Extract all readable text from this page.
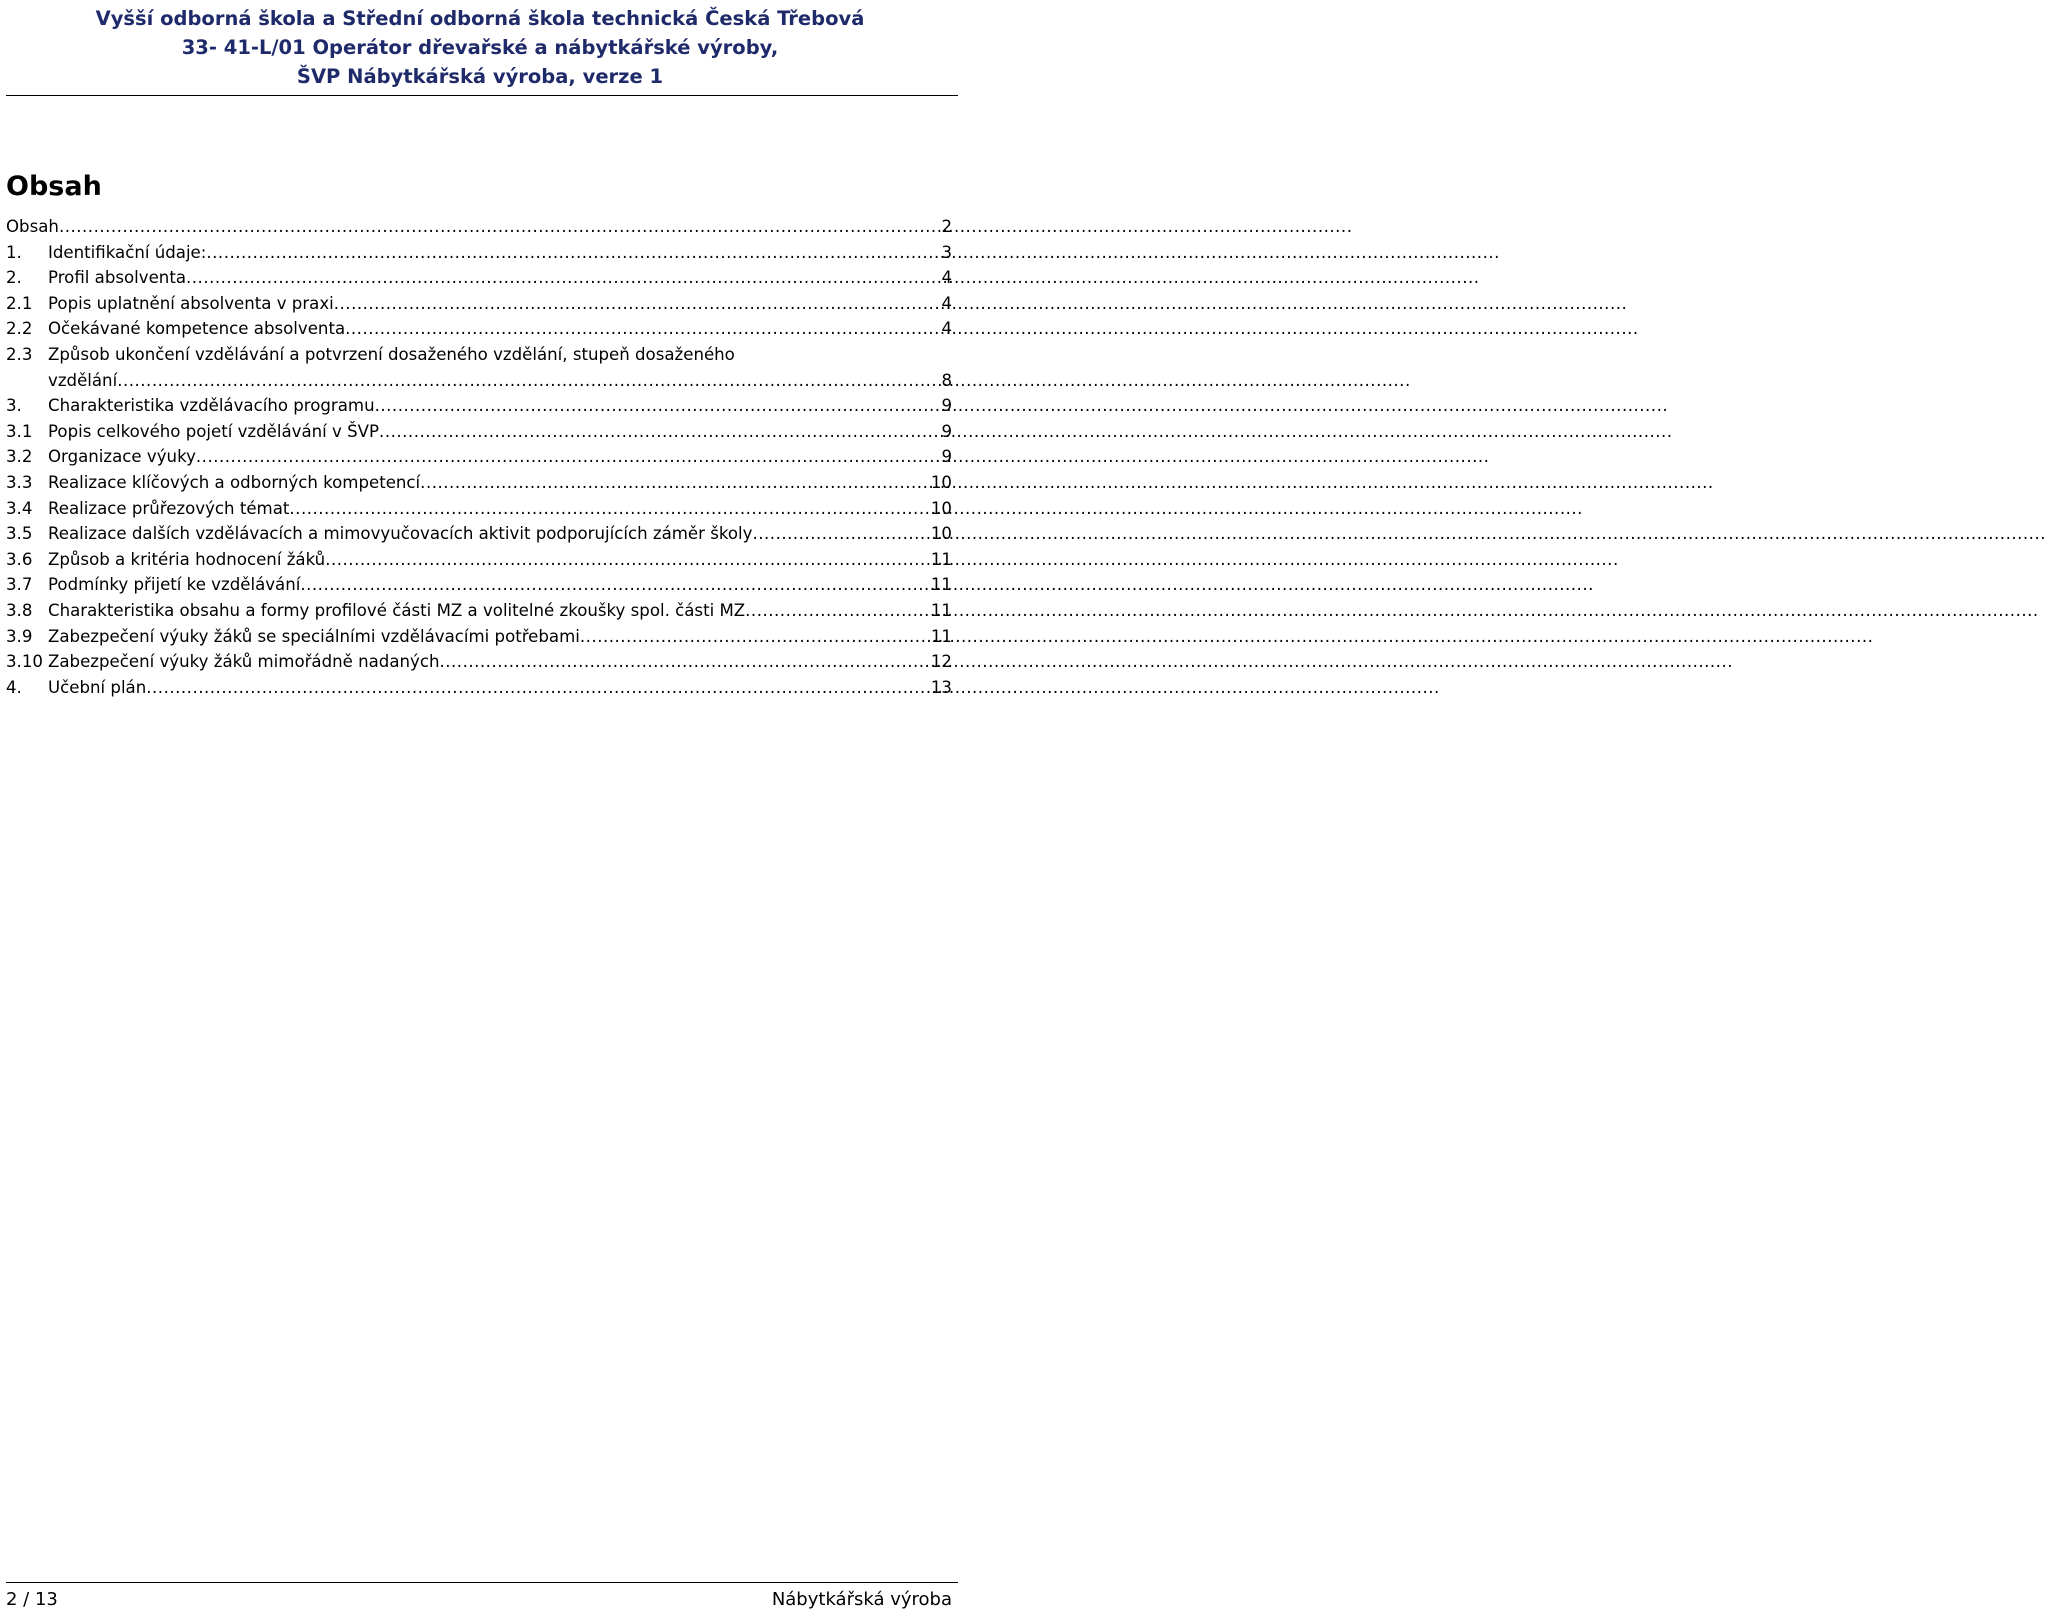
Vyšší odborná škola a Střední odborná škola technická Česká Třebová
33- 41-L/01 Operátor dřevařské a nábytkářské výroby,
ŠVP Nábytkářská výroba, verze 1
Obsah
Obsah .....	2
1.	Identifikační údaje: .....	3
2.	Profil absolventa .....	4
2.1 Popis uplatnění absolventa v praxi .....	4
2.2 Očekávané kompetence absolventa .....	4
2.3 Způsob ukončení vzdělávání a potvrzení dosaženého vzdělání, stupeň dosaženého
vzdělání .....	8
3.	Charakteristika vzdělávacího programu .....	9
3.1 Popis celkového pojetí vzdělávání v ŠVP .....	9
3.2 Organizace výuky .....	9
3.3 Realizace klíčových a odborných kompetencí .....	10
3.4 Realizace průřezových témat .....	10
3.5 Realizace dalších vzdělávacích a mimovyučovacích aktivit podporujících záměr školy .....	10
3.6 Způsob a kritéria hodnocení žáků .....	11
3.7 Podmínky přijetí ke vzdělávání .....	11
3.8 Charakteristika obsahu a formy profilové části MZ a volitelné zkoušky spol. části MZ .....	11
3.9 Zabezpečení výuky žáků se speciálními vzdělávacími potřebami .....	11
3.10 Zabezpečení výuky žáků mimořádně nadaných .....	12
4.	Učební plán .....	13
2 / 13	Nábytkářská výroba
